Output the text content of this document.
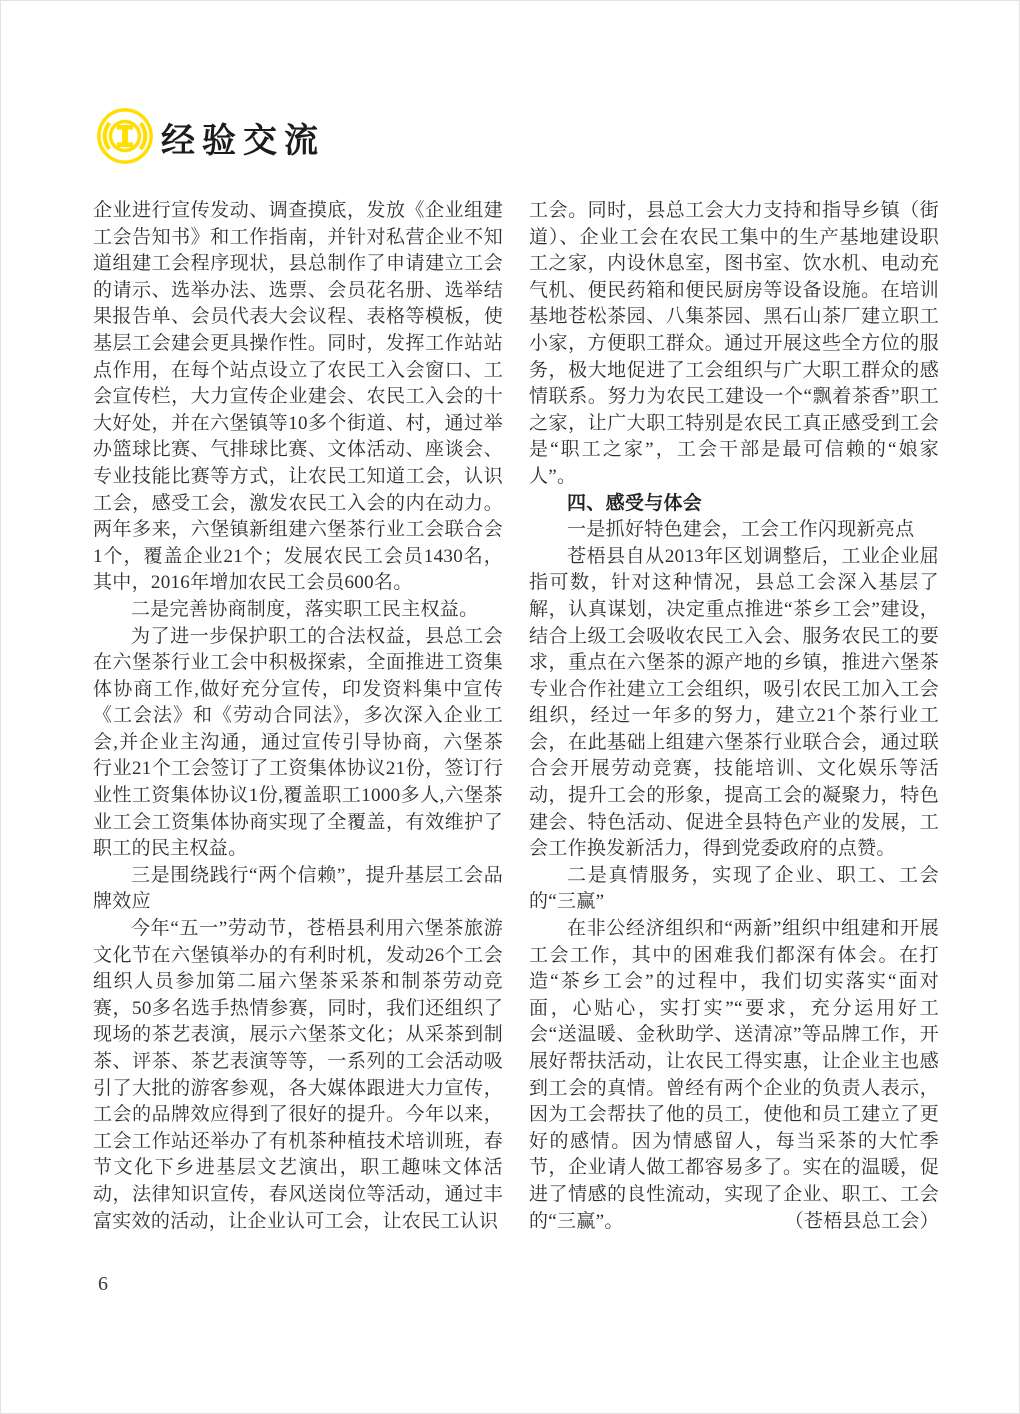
经验交流

企业进行宣传发动、调查摸底，发放《企业组建工会告知书》和工作指南，并针对私营企业不知道组建工会程序现状，县总制作了申请建立工会的请示、选举办法、选票、会员花名册、选举结果报告单、会员代表大会议程、表格等模板，使基层工会建会更具操作性。同时，发挥工作站站点作用，在每个站点设立了农民工入会窗口、工会宣传栏，大力宣传企业建会、农民工入会的十大好处，并在六堡镇等10多个街道、村，通过举办篮球比赛、气排球比赛、文体活动、座谈会、专业技能比赛等方式，让农民工知道工会，认识工会，感受工会，激发农民工入会的内在动力。两年多来，六堡镇新组建六堡茶行业工会联合会1个，覆盖企业21个；发展农民工会员1430名，其中，2016年增加农民工会员600名。

二是完善协商制度，落实职工民主权益。

为了进一步保护职工的合法权益，县总工会在六堡茶行业工会中积极探索，全面推进工资集体协商工作,做好充分宣传，印发资料集中宣传《工会法》和《劳动合同法》，多次深入企业工会,并企业主沟通，通过宣传引导协商，六堡茶行业21个工会签订了工资集体协议21份，签订行业性工资集体协议1份,覆盖职工1000多人,六堡茶业工会工资集体协商实现了全覆盖，有效维护了职工的民主权益。

三是围绕践行“两个信赖”，提升基层工会品牌效应

今年“五一”劳动节，苍梧县利用六堡茶旅游文化节在六堡镇举办的有利时机，发动26个工会组织人员参加第二届六堡茶采茶和制茶劳动竞赛，50多名选手热情参赛，同时，我们还组织了现场的茶艺表演，展示六堡茶文化；从采茶到制茶、评茶、茶艺表演等等，一系列的工会活动吸引了大批的游客参观，各大媒体跟进大力宣传，工会的品牌效应得到了很好的提升。今年以来，工会工作站还举办了有机茶种植技术培训班，春节文化下乡进基层文艺演出，职工趣味文体活动，法律知识宣传，春风送岗位等活动，通过丰富实效的活动，让企业认可工会，让农民工认识

工会。同时，县总工会大力支持和指导乡镇（街道）、企业工会在农民工集中的生产基地建设职工之家，内设休息室，图书室、饮水机、电动充气机、便民药箱和便民厨房等设备设施。在培训基地苍松茶园、八集茶园、黑石山茶厂建立职工小家，方便职工群众。通过开展这些全方位的服务，极大地促进了工会组织与广大职工群众的感情联系。努力为农民工建设一个“飘着茶香”职工之家，让广大职工特别是农民工真正感受到工会是“职工之家”，工会干部是最可信赖的“娘家人”。

四、感受与体会

一是抓好特色建会，工会工作闪现新亮点

苍梧县自从2013年区划调整后，工业企业屈指可数，针对这种情况，县总工会深入基层了解，认真谋划，决定重点推进“茶乡工会”建设，结合上级工会吸收农民工入会、服务农民工的要求，重点在六堡茶的源产地的乡镇，推进六堡茶专业合作社建立工会组织，吸引农民工加入工会组织，经过一年多的努力，建立21个茶行业工会，在此基础上组建六堡茶行业联合会，通过联合会开展劳动竞赛，技能培训、文化娱乐等活动，提升工会的形象，提高工会的凝聚力，特色建会、特色活动、促进全县特色产业的发展，工会工作换发新活力，得到党委政府的点赞。

二是真情服务，实现了企业、职工、工会的“三赢”

在非公经济组织和“两新”组织中组建和开展工会工作，其中的困难我们都深有体会。在打造“茶乡工会”的过程中，我们切实落实“面对面，心贴心，实打实”“要求，充分运用好工会“送温暖、金秋助学、送清凉”等品牌工作，开展好帮扶活动，让农民工得实惠，让企业主也感到工会的真情。曾经有两个企业的负责人表示，因为工会帮扶了他的员工，使他和员工建立了更好的感情。因为情感留人，每当采茶的大忙季节，企业请人做工都容易多了。实在的温暖，促进了情感的良性流动，实现了企业、职工、工会的“三赢”。	（苍梧县总工会）

6
